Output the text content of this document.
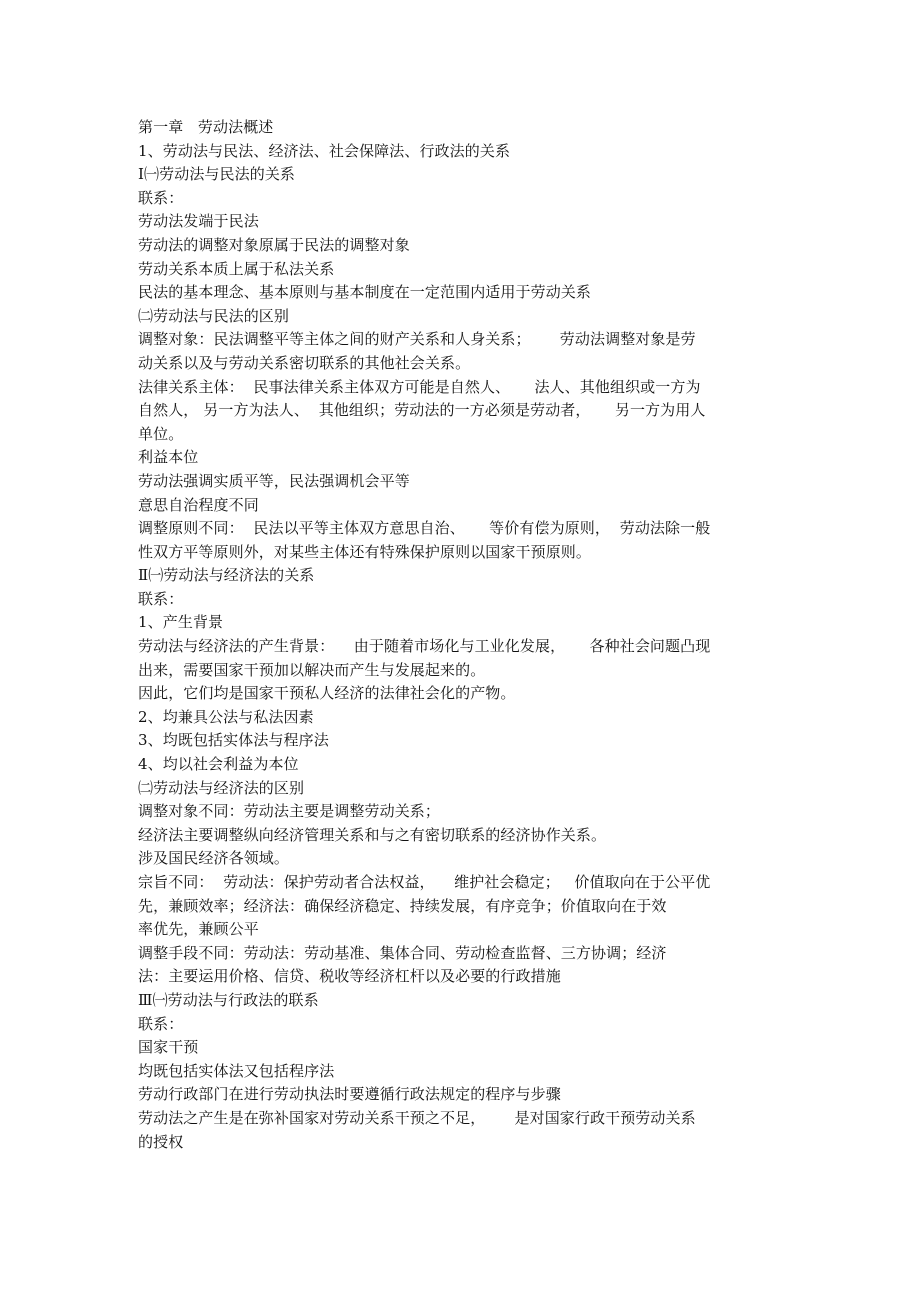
第一章   劳动法概述
1、劳动法与民法、经济法、社会保障法、行政法的关系
Ⅰ㈠劳动法与民法的关系
联系：
劳动法发端于民法
劳动法的调整对象原属于民法的调整对象
劳动关系本质上属于私法关系
民法的基本理念、基本原则与基本制度在一定范围内适用于劳动关系
㈡劳动法与民法的区别
调整对象：民法调整平等主体之间的财产关系和人身关系；      劳动法调整对象是劳
动关系以及与劳动关系密切联系的其他社会关系。
法律关系主体：  民事法律关系主体双方可能是自然人、     法人、其他组织或一方为
自然人， 另一方为法人、  其他组织；劳动法的一方必须是劳动者，     另一方为用人
单位。
利益本位
劳动法强调实质平等，民法强调机会平等
意思自治程度不同
调整原则不同：  民法以平等主体双方意思自治、     等价有偿为原则，  劳动法除一般
性双方平等原则外，对某些主体还有特殊保护原则以国家干预原则。
Ⅱ㈠劳动法与经济法的关系
联系：
1、产生背景
劳动法与经济法的产生背景：    由于随着市场化与工业化发展，     各种社会问题凸现
出来，需要国家干预加以解决而产生与发展起来的。
因此，它们均是国家干预私人经济的法律社会化的产物。
2、均兼具公法与私法因素
3、均既包括实体法与程序法
4、均以社会利益为本位
㈡劳动法与经济法的区别
调整对象不同：劳动法主要是调整劳动关系；
经济法主要调整纵向经济管理关系和与之有密切联系的经济协作关系。
涉及国民经济各领域。
宗旨不同：  劳动法：保护劳动者合法权益，    维护社会稳定；   价值取向在于公平优
先，兼顾效率；经济法：确保经济稳定、持续发展，有序竞争；价值取向在于效
率优先，兼顾公平
调整手段不同：劳动法：劳动基准、集体合同、劳动检查监督、三方协调；经济
法：主要运用价格、信贷、税收等经济杠杆以及必要的行政措施
Ⅲ㈠劳动法与行政法的联系
联系：
国家干预
均既包括实体法又包括程序法
劳动行政部门在进行劳动执法时要遵循行政法规定的程序与步骤
劳动法之产生是在弥补国家对劳动关系干预之不足，      是对国家行政干预劳动关系
的授权
